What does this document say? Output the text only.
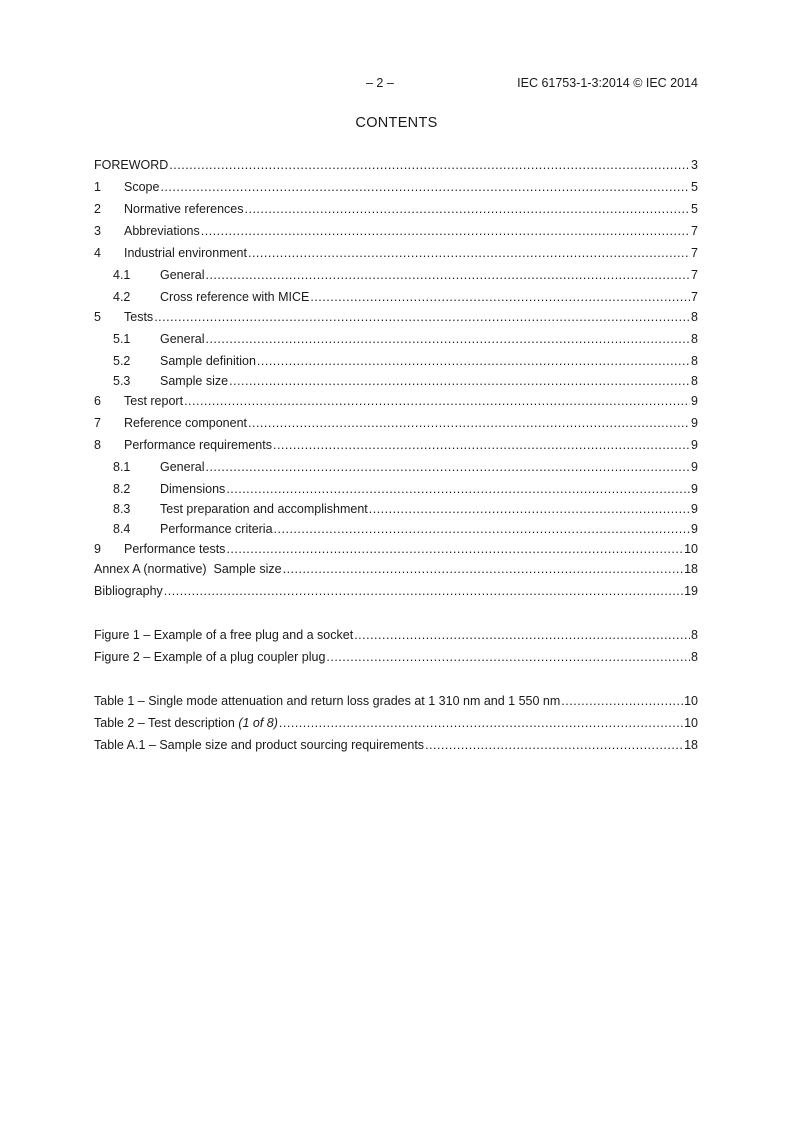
– 2 –	IEC 61753-1-3:2014 © IEC 2014
CONTENTS
FOREWORD .....	3
1	Scope .....	5
2	Normative references .....	5
3	Abbreviations .....	7
4	Industrial environment .....	7
4.1	General .....	7
4.2	Cross reference with MICE .....	7
5	Tests .....	8
5.1	General .....	8
5.2	Sample definition .....	8
5.3	Sample size .....	8
6	Test report .....	9
7	Reference component .....	9
8	Performance requirements .....	9
8.1	General .....	9
8.2	Dimensions .....	9
8.3	Test preparation and accomplishment .....	9
8.4	Performance criteria .....	9
9	Performance tests .....	10
Annex A (normative)  Sample size .....	18
Bibliography .....	19
Figure 1 – Example of a free plug and a socket .....	8
Figure 2 – Example of a plug coupler plug .....	8
Table 1 – Single mode attenuation and return loss grades at 1 310 nm and 1 550 nm .....	10
Table 2 – Test description (1 of 8) .....	10
Table A.1 – Sample size and product sourcing requirements .....	18
